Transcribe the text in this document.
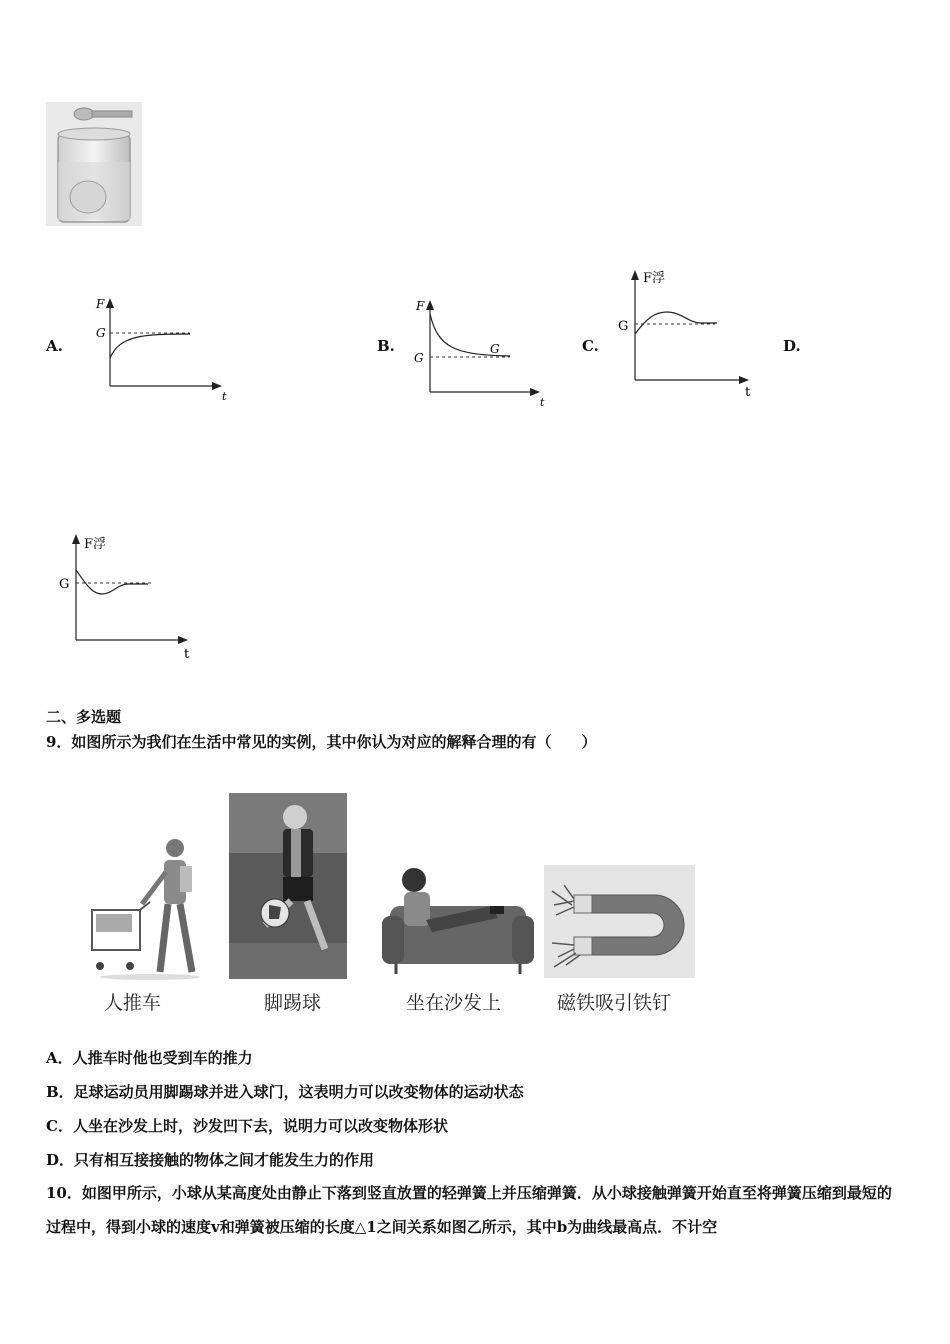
A.	B.	C.	D.
F
G
t
F
G
G
t
F浮
G
t
F浮
G
t
二、多选题
9．如图所示为我们在生活中常见的实例，其中你认为对应的解释合理的有（　　）
人推车	脚踢球	坐在沙发上	磁铁吸引铁钉
A．人推车时他也受到车的推力
B．足球运动员用脚踢球并进入球门，这表明力可以改变物体的运动状态
C．人坐在沙发上时，沙发凹下去，说明力可以改变物体形状
D．只有相互接接触的物体之间才能发生力的作用
10．如图甲所示，小球从某高度处由静止下落到竖直放置的轻弹簧上并压缩弹簧．从小球接触弹簧开始直至将弹簧压缩到最短的过程中，得到小球的速度v和弹簧被压缩的长度△1之间关系如图乙所示，其中b为曲线最高点．不计空
